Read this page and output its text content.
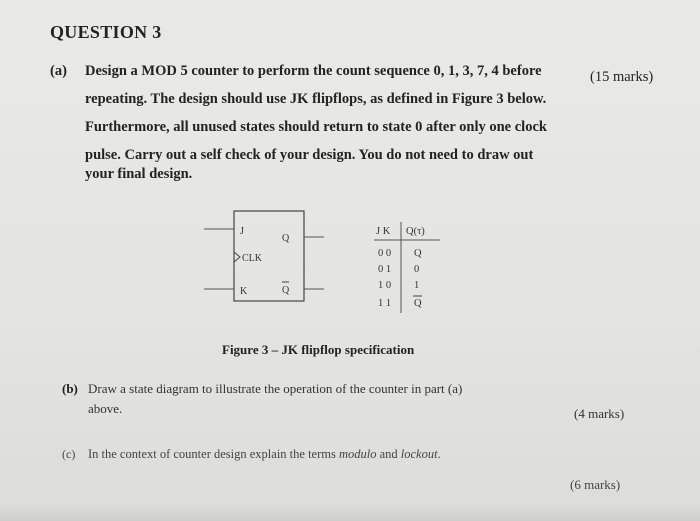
QUESTION 3
(a) Design a MOD 5 counter to perform the count sequence 0, 1, 3, 7, 4 before
repeating. The design should use JK flipflops, as defined in Figure 3 below.
Furthermore, all unused states should return to state 0 after only one clock
pulse. Carry out a self check of your design. You do not need to draw out
your final design.
(15 marks)
J
CLK
K
Q
Q
J K Q(τ)
0 0 Q
0 1 0
1 0 1
1 1 Q
Figure 3 – JK flipflop specification
(b) Draw a state diagram to illustrate the operation of the counter in part (a)
above.	(4 marks)
(c) In the context of counter design explain the terms modulo and lockout.
(6 marks)
